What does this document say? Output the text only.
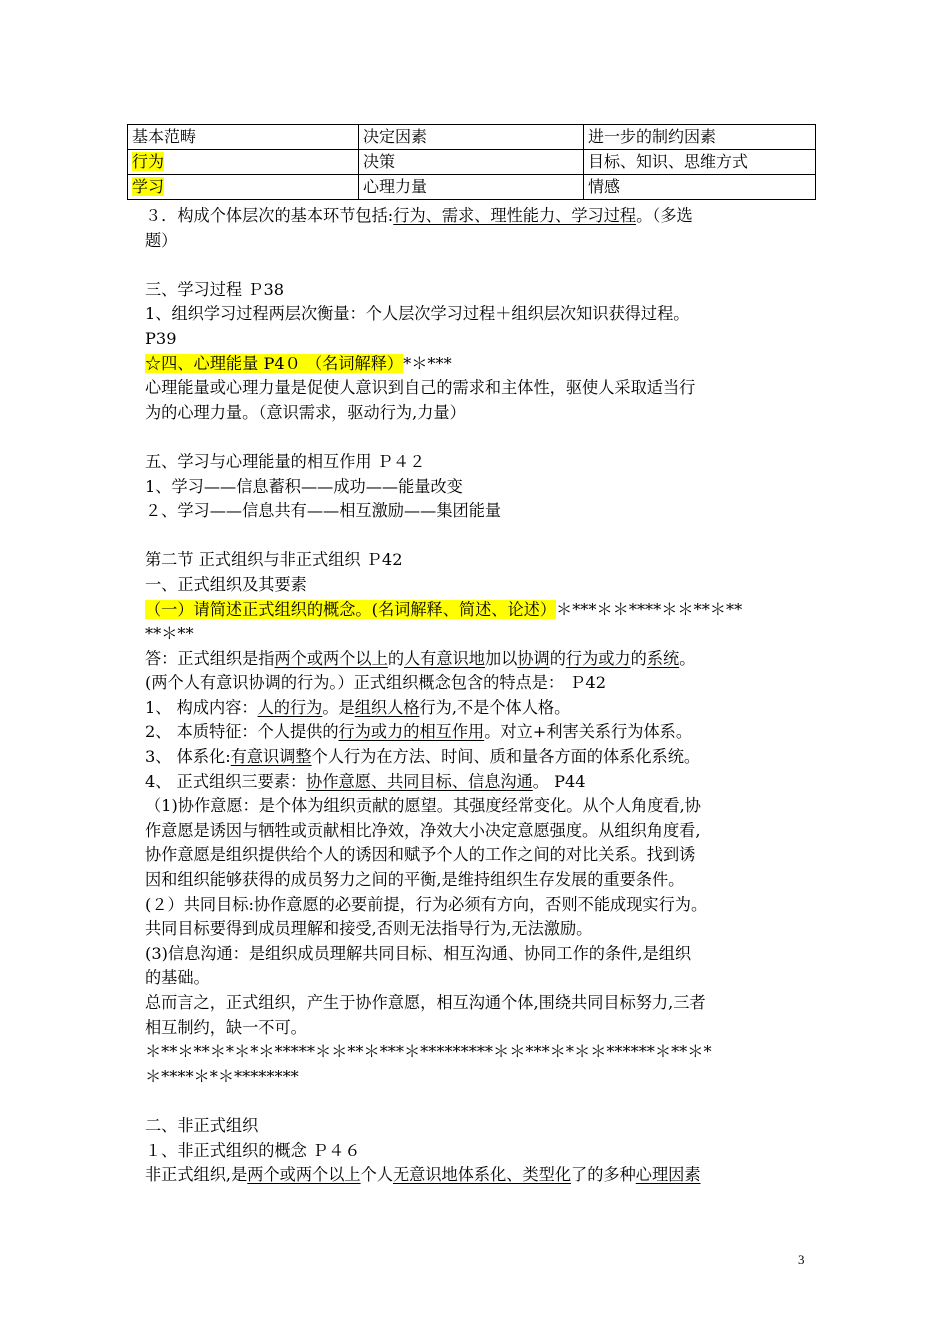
基本范畴	决定因素	进一步的制约因素
行为	决策	目标、知识、思维方式
学习	心理力量	情感

３．构成个体层次的基本环节包括:行为、需求、理性能力、学习过程。（多选

题）

三、学习过程 Ｐ38

1、组织学习过程两层次衡量：个人层次学习过程＋组织层次知识获得过程。

P39

☆四、心理能量 P4０ （名词解释）*＊***

心理能量或心理力量是促使人意识到自己的需求和主体性，驱使人采取适当行

为的心理力量。（意识需求，驱动行为,力量）

五、学习与心理能量的相互作用 Ｐ４２

1、学习——信息蓄积——成功——能量改变

２、学习——信息共有——相互激励——集团能量

第二节 正式组织与非正式组织 Ｐ42

一、正式组织及其要素

（一）请简述正式组织的概念。(名词解释、简述、论述）＊***＊＊****＊＊**＊**

**＊**

答：正式组织是指两个或两个以上的人有意识地加以协调的行为或力的系统。

(两个人有意识协调的行为。）正式组织概念包含的特点是： Ｐ42

1、 构成内容：人的行为。是组织人格行为,不是个体人格。

2、 本质特征：个人提供的行为或力的相互作用。对立+利害关系行为体系。

3、 体系化:有意识调整个人行为在方法、时间、质和量各方面的体系化系统。

4、 正式组织三要素：协作意愿、共同目标、信息沟通。 P44

（1)协作意愿：是个体为组织贡献的愿望。其强度经常变化。从个人角度看,协

作意愿是诱因与牺牲或贡献相比净效，净效大小决定意愿强度。从组织角度看,

协作意愿是组织提供给个人的诱因和赋予个人的工作之间的对比关系。找到诱

因和组织能够获得的成员努力之间的平衡,是维持组织生存发展的重要条件。

(２）共同目标:协作意愿的必要前提，行为必须有方向，否则不能成现实行为。

共同目标要得到成员理解和接受,否则无法指导行为,无法激励。

(3)信息沟通：是组织成员理解共同目标、相互沟通、协同工作的条件,是组织

的基础。

总而言之，正式组织，产生于协作意愿，相互沟通个体,围绕共同目标努力,三者

相互制约，缺一不可。

＊**＊**＊*＊*＊*****＊＊**＊***＊*********＊＊***＊*＊＊******＊**＊*

＊****＊*＊********

二、非正式组织

１、非正式组织的概念 Ｐ４６

非正式组织,是两个或两个以上个人无意识地体系化、类型化了的多种心理因素

3
